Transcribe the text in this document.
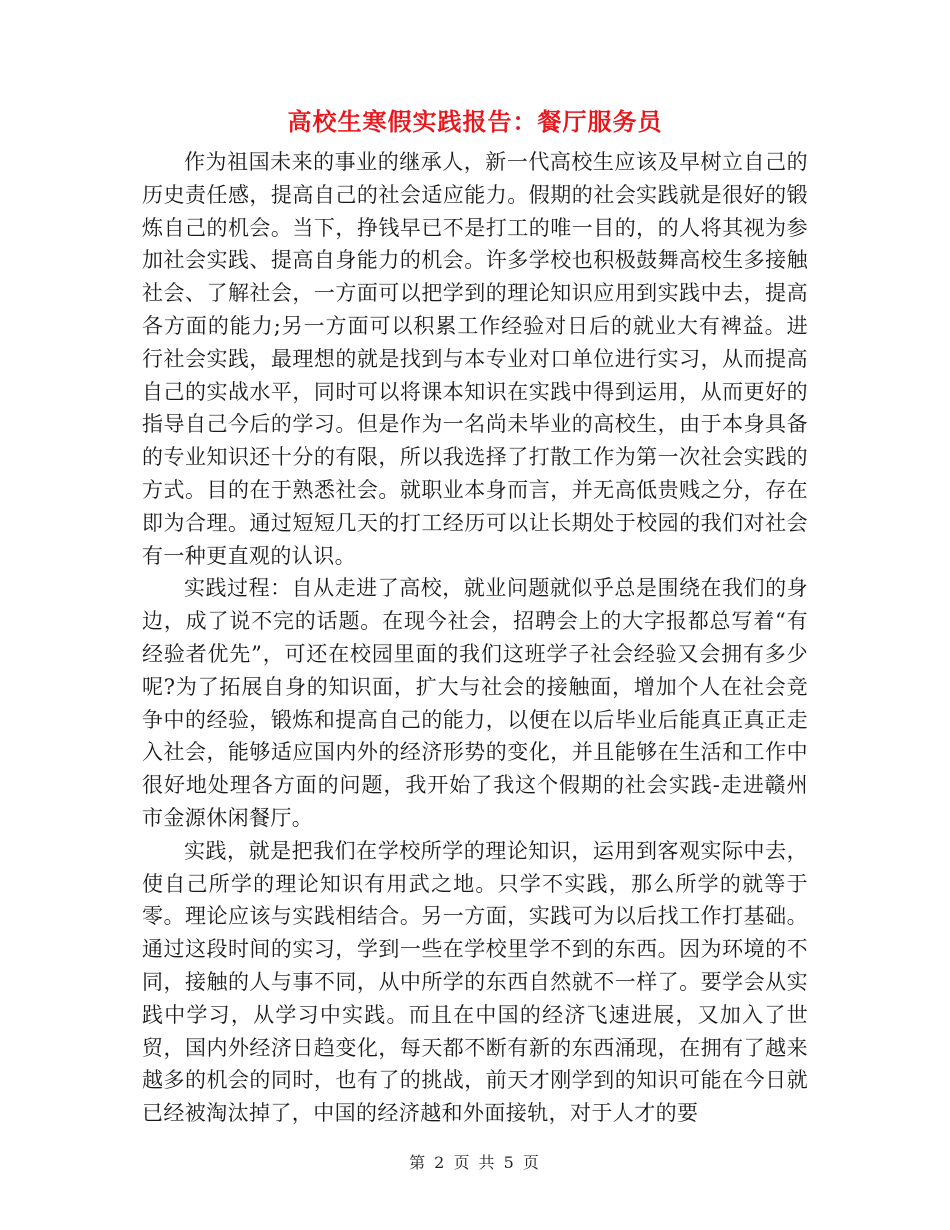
高校生寒假实践报告：餐厅服务员

作为祖国未来的事业的继承人，新一代高校生应该及早树立自己的历史责任感，提高自己的社会适应能力。假期的社会实践就是很好的锻炼自己的机会。当下，挣钱早已不是打工的唯一目的，的人将其视为参加社会实践、提高自身能力的机会。许多学校也积极鼓舞高校生多接触社会、了解社会，一方面可以把学到的理论知识应用到实践中去，提高各方面的能力;另一方面可以积累工作经验对日后的就业大有裨益。进行社会实践，最理想的就是找到与本专业对口单位进行实习，从而提高自己的实战水平，同时可以将课本知识在实践中得到运用，从而更好的指导自己今后的学习。但是作为一名尚未毕业的高校生，由于本身具备的专业知识还十分的有限，所以我选择了打散工作为第一次社会实践的方式。目的在于熟悉社会。就职业本身而言，并无高低贵贱之分，存在即为合理。通过短短几天的打工经历可以让长期处于校园的我们对社会有一种更直观的认识。

实践过程：自从走进了高校，就业问题就似乎总是围绕在我们的身边，成了说不完的话题。在现今社会，招聘会上的大字报都总写着“有经验者优先”，可还在校园里面的我们这班学子社会经验又会拥有多少呢?为了拓展自身的知识面，扩大与社会的接触面，增加个人在社会竞争中的经验，锻炼和提高自己的能力，以便在以后毕业后能真正真正走入社会，能够适应国内外的经济形势的变化，并且能够在生活和工作中很好地处理各方面的问题，我开始了我这个假期的社会实践-走进赣州市金源休闲餐厅。

实践，就是把我们在学校所学的理论知识，运用到客观实际中去，使自己所学的理论知识有用武之地。只学不实践，那么所学的就等于零。理论应该与实践相结合。另一方面，实践可为以后找工作打基础。通过这段时间的实习，学到一些在学校里学不到的东西。因为环境的不同，接触的人与事不同，从中所学的东西自然就不一样了。要学会从实践中学习，从学习中实践。而且在中国的经济飞速进展，又加入了世贸，国内外经济日趋变化，每天都不断有新的东西涌现，在拥有了越来越多的机会的同时，也有了的挑战，前天才刚学到的知识可能在今日就已经被淘汰掉了，中国的经济越和外面接轨，对于人才的要

第 2 页 共 5 页
